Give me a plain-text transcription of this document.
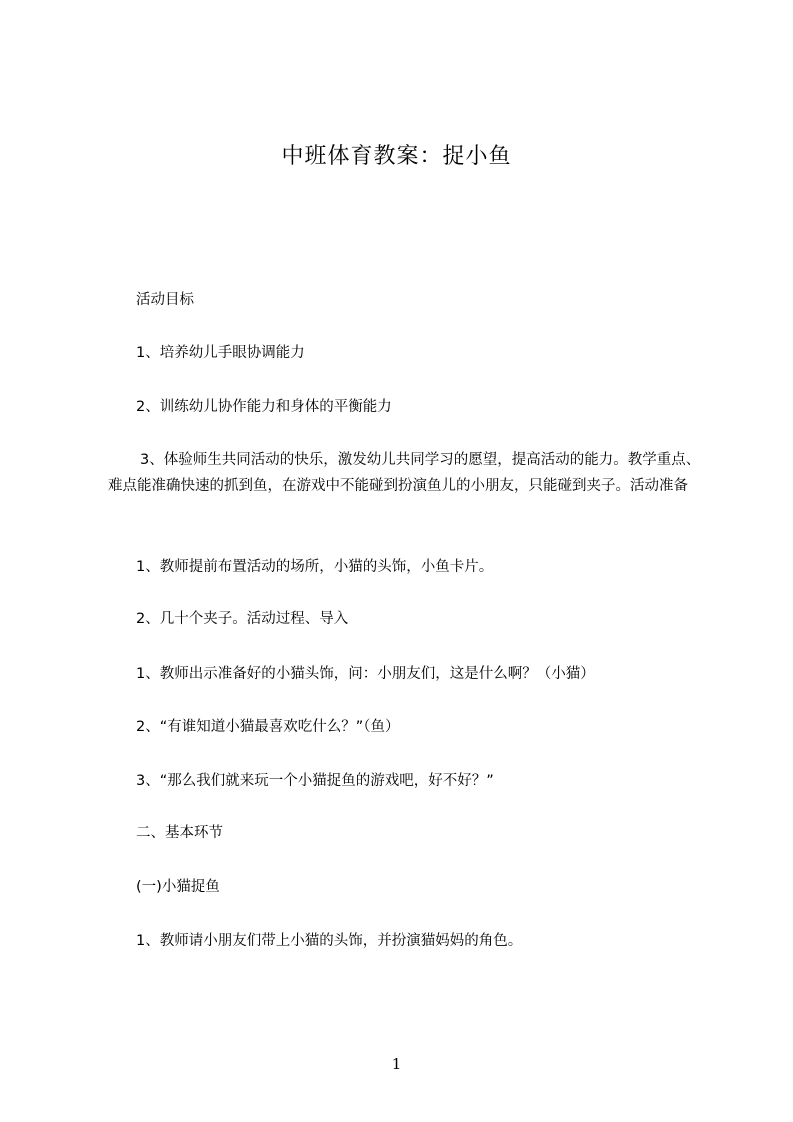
中班体育教案：捉小鱼

活动目标

1、培养幼儿手眼协调能力

2、训练幼儿协作能力和身体的平衡能力

3、体验师生共同活动的快乐，激发幼儿共同学习的愿望，提高活动的能力。教学重点、难点能准确快速的抓到鱼，在游戏中不能碰到扮演鱼儿的小朋友，只能碰到夹子。活动准备

1、教师提前布置活动的场所，小猫的头饰，小鱼卡片。

2、几十个夹子。活动过程、导入

1、教师出示准备好的小猫头饰，问：小朋友们，这是什么啊？（小猫）

2、“有谁知道小猫最喜欢吃什么？”（鱼）

3、“那么我们就来玩一个小猫捉鱼的游戏吧，好不好？”

二、基本环节

(一)小猫捉鱼

1、教师请小朋友们带上小猫的头饰，并扮演猫妈妈的角色。

1
